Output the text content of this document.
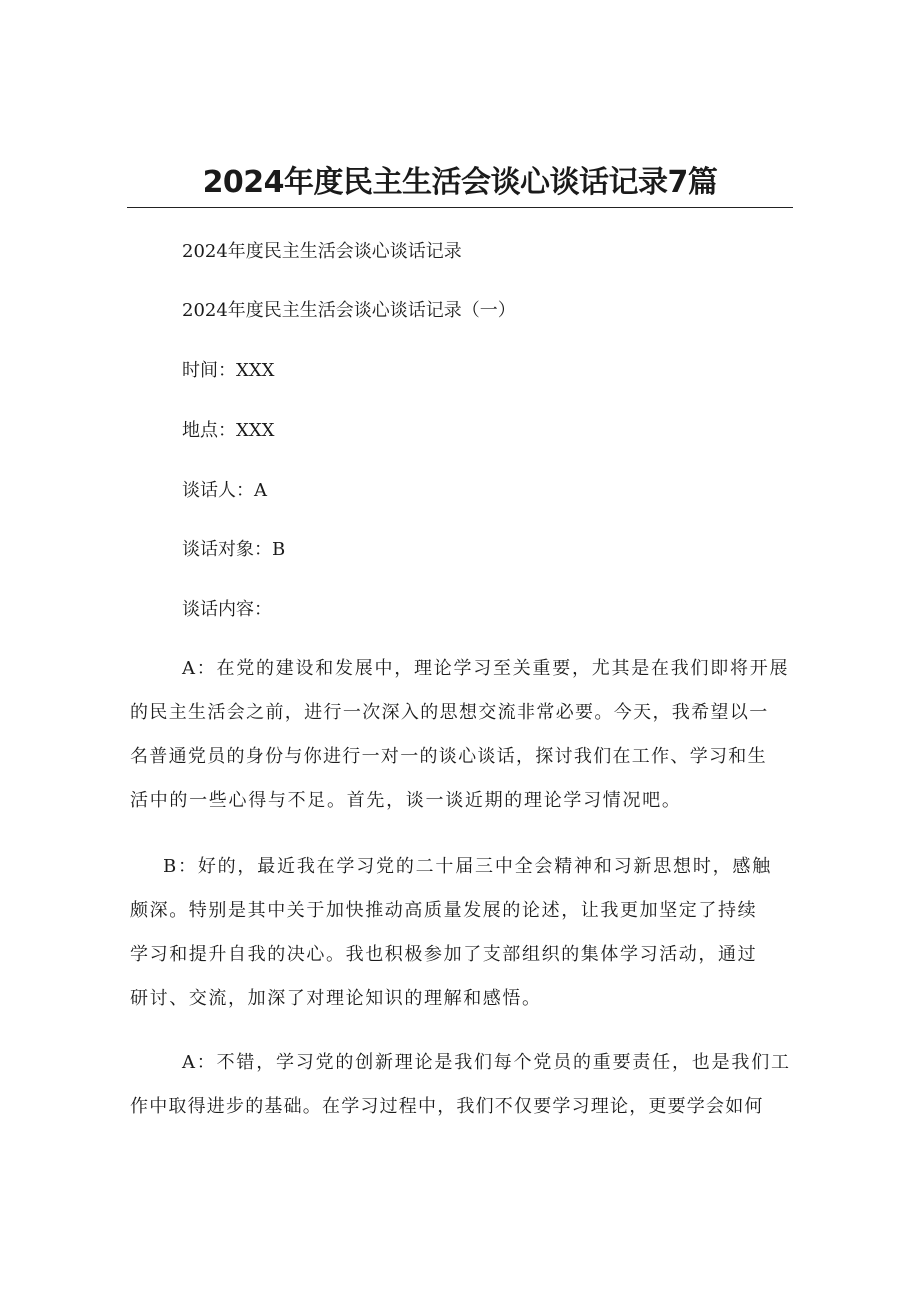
2024年度民主生活会谈心谈话记录7篇

2024年度民主生活会谈心谈话记录

2024年度民主生活会谈心谈话记录（一）

时间：XXX

地点：XXX

谈话人：A

谈话对象：B

谈话内容：

A：在党的建设和发展中，理论学习至关重要，尤其是在我们即将开展

的民主生活会之前，进行一次深入的思想交流非常必要。今天，我希望以一

名普通党员的身份与你进行一对一的谈心谈话，探讨我们在工作、学习和生

活中的一些心得与不足。首先，谈一谈近期的理论学习情况吧。

B：好的，最近我在学习党的二十届三中全会精神和习新思想时，感触

颇深。特别是其中关于加快推动高质量发展的论述，让我更加坚定了持续

学习和提升自我的决心。我也积极参加了支部组织的集体学习活动，通过

研讨、交流，加深了对理论知识的理解和感悟。

A：不错，学习党的创新理论是我们每个党员的重要责任，也是我们工

作中取得进步的基础。在学习过程中，我们不仅要学习理论，更要学会如何
